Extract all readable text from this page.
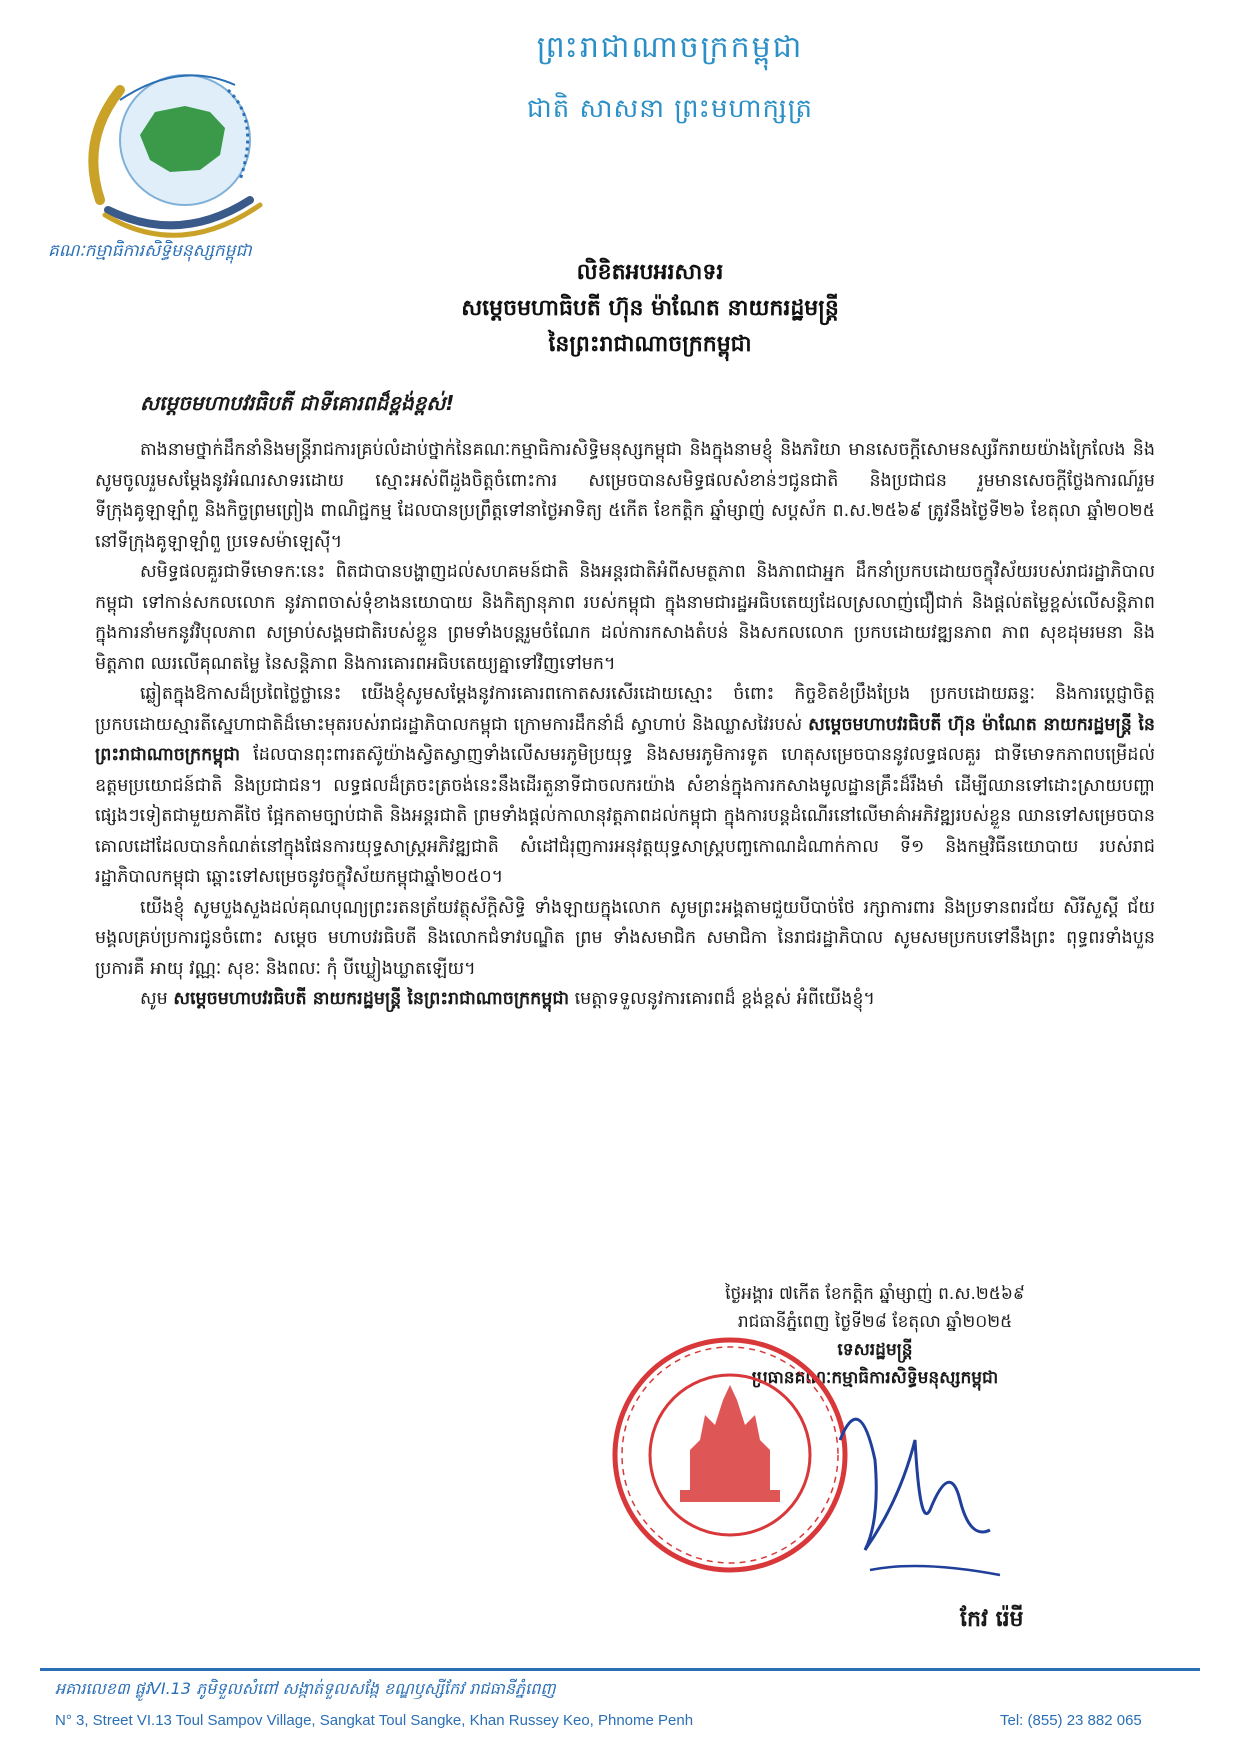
គណៈកម្មាធិការសិទ្ធិមនុស្សកម្ពុជា
ព្រះរាជាណាចក្រកម្ពុជា
ជាតិ សាសនា ព្រះមហាក្សត្រ
លិខិតអបអរសាទរ
សម្តេចមហាធិបតី ហ៊ុន ម៉ាណែត នាយករដ្ឋមន្ត្រី
នៃព្រះរាជាណាចក្រកម្ពុជា
សម្តេចមហាបវរធិបតី ជាទីគោរពដ៏ខ្ពង់ខ្ពស់!

តាងនាមថ្នាក់ដឹកនាំនិងមន្ត្រីរាជការគ្រប់លំដាប់ថ្នាក់នៃគណៈកម្មាធិការសិទ្ធិមនុស្សកម្ពុជា និងក្នុងនាមខ្ញុំ និងភរិយា មានសេចក្តីសោមនស្សរីករាយយ៉ាងក្រៃលែង និងសូមចូលរួមសម្តែងនូវអំណរសាទរដោយ ស្មោះអស់ពីដួងចិត្តចំពោះការ សម្រេចបានសមិទ្ធផលសំខាន់ៗជូនជាតិ និងប្រជាជន រួមមានសេចក្តីថ្លែងការណ៍រួមទីក្រុងគូឡាឡាំពួ និងកិច្ចព្រមព្រៀង ពាណិជ្ជកម្ម ដែលបានប្រព្រឹត្តទៅនាថ្ងៃអាទិត្យ ៥កើត ខែកត្តិក ឆ្នាំម្សាញ់ សប្តស័ក ព.ស.២៥៦៩ ត្រូវនឹងថ្ងៃទី២៦ ខែតុលា ឆ្នាំ២០២៥ នៅទីក្រុងគូឡាឡាំពួ ប្រទេសម៉ាឡេស៊ី។

សមិទ្ធផលគួរជាទីមោទកៈនេះ ពិតជាបានបង្ហាញដល់សហគមន៍ជាតិ និងអន្តរជាតិអំពីសមត្ថភាព និងភាពជាអ្នក ដឹកនាំប្រកបដោយចក្ខុវិស័យរបស់រាជរដ្ឋាភិបាលកម្ពុជា ទៅកាន់សកលលោក នូវភាពចាស់ទុំខាងនយោបាយ និងកិត្យានុភាព របស់កម្ពុជា ក្នុងនាមជារដ្ឋអធិបតេយ្យដែលស្រលាញ់ជឿជាក់ និងផ្តល់តម្លៃខ្ពស់លើសន្តិភាព ក្នុងការនាំមកនូវវិបុលភាព សម្រាប់សង្គមជាតិរបស់ខ្លួន ព្រមទាំងបន្តរួមចំណែក ដល់ការកសាងតំបន់ និងសកលលោក ប្រកបដោយវឌ្ឍនភាព ភាព សុខដុមរមនា និងមិត្តភាព ឈរលើគុណតម្លៃ នៃសន្តិភាព និងការគោរពអធិបតេយ្យគ្នាទៅវិញទៅមក។

ឆ្លៀតក្នុងឱកាសដ៏ប្រពៃថ្លៃថ្លានេះ យើងខ្ញុំសូមសម្តែងនូវការគោរពកោតសរសើរដោយស្មោះ ចំពោះ កិច្ចខិតខំប្រឹងប្រែង ប្រកបដោយឆន្ទៈ និងការប្តេជ្ញាចិត្ត ប្រកបដោយស្មារតីស្នេហាជាតិដ៏មោះមុតរបស់រាជរដ្ឋាភិបាលកម្ពុជា ក្រោមការដឹកនាំដ៏ ស្វាហាប់ និងឈ្លាសវៃរបស់ សម្តេចមហាបវរធិបតី ហ៊ុន ម៉ាណែត នាយករដ្ឋមន្ត្រី នៃព្រះរាជាណាចក្រកម្ពុជា ដែលបានពុះពារតស៊ូយ៉ាងស្វិតស្វាញទាំងលើសមរភូមិប្រយុទ្ធ និងសមរភូមិការទូត ហេតុសម្រេចបាននូវលទ្ធផលគួរ ជាទីមោទកភាពបម្រើដល់ឧត្តមប្រយោជន៍ជាតិ និងប្រជាជន។ លទ្ធផលដ៏ត្រចះត្រចង់នេះនឹងដើរតួនាទីជាចលករយ៉ាង សំខាន់ក្នុងការកសាងមូលដ្ឋានគ្រឹះដ៏រឹងមាំ ដើម្បីឈានទៅដោះស្រាយបញ្ហាផ្សេងៗទៀតជាមួយភាគីថៃ ផ្អែកតាមច្បាប់ជាតិ និងអន្តរជាតិ ព្រមទាំងផ្តល់កាលានុវត្តភាពដល់កម្ពុជា ក្នុងការបន្តដំណើរនៅលើមាគ៌ាអភិវឌ្ឍរបស់ខ្លួន ឈានទៅសម្រេចបាន គោលដៅដែលបានកំណត់នៅក្នុងផែនការយុទ្ធសាស្ត្រអភិវឌ្ឍជាតិ សំដៅជំរុញការអនុវត្តយុទ្ធសាស្ត្របញ្ចកោណដំណាក់កាល ទី១ និងកម្មវិធីនយោបាយ របស់រាជរដ្ឋាភិបាលកម្ពុជា ឆ្ពោះទៅសម្រេចនូវចក្ខុវិស័យកម្ពុជាឆ្នាំ២០៥០។

យើងខ្ញុំ សូមបួងសួងដល់គុណបុណ្យព្រះរតនត្រ័យវត្ថុស័ក្តិសិទ្ធិ ទាំងឡាយក្នុងលោក សូមព្រះអង្គតាមជួយបីបាច់ថែ រក្សាការពារ និងប្រទានពរជ័យ សិរីសួស្តី ជ័យមង្គលគ្រប់ប្រការជូនចំពោះ សម្តេច មហាបវរធិបតី និងលោកជំទាវបណ្ឌិត ព្រម ទាំងសមាជិក សមាជិកា នៃរាជរដ្ឋាភិបាល សូមសមប្រកបទៅនឹងព្រះ ពុទ្ធពរទាំងបួនប្រការគឺ អាយុ វណ្ណៈ សុខៈ និងពលៈ កុំ បីឃ្លៀងឃ្លាតឡើយ។

សូម សម្តេចមហាបវរធិបតី នាយករដ្ឋមន្ត្រី នៃព្រះរាជាណាចក្រកម្ពុជា មេត្តាទទួលនូវការគោរពដ៏ ខ្ពង់ខ្ពស់ អំពីយើងខ្ញុំ។

ថ្ងៃអង្គារ ៧កើត ខែកត្តិក ឆ្នាំម្សាញ់ ព.ស.២៥៦៩
រាជធានីភ្នំពេញ ថ្ងៃទី២៨ ខែតុលា ឆ្នាំ២០២៥
ទេសរដ្ឋមន្ត្រី
ប្រធានគណៈកម្មាធិការសិទ្ធិមនុស្សកម្ពុជា
កែវ រ៉េមី
អគារលេខ៣ ផ្លូវVI.13 ភូមិទួលសំពៅ សង្កាត់ទួលសង្កែ ខណ្ឌឫស្សីកែវ រាជធានីភ្នំពេញ
N° 3, Street VI.13 Toul Sampov Village, Sangkat Toul Sangke, Khan Russey Keo, Phnome Penh	Tel: (855) 23 882 065
